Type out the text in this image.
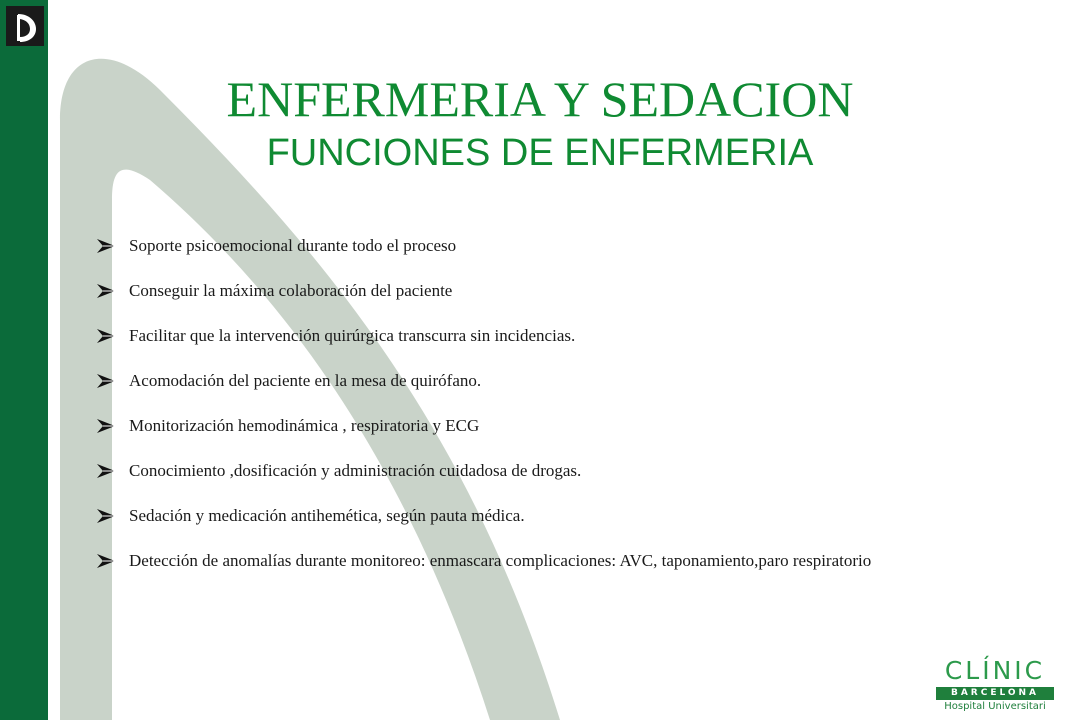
ENFERMERIA Y SEDACION
FUNCIONES DE ENFERMERIA
Soporte psicoemocional durante todo el proceso
Conseguir la máxima colaboración del paciente
Facilitar que la intervención quirúrgica transcurra sin incidencias.
Acomodación del paciente en la mesa de quirófano.
Monitorización hemodinámica , respiratoria y ECG
Conocimiento ,dosificación y administración cuidadosa de drogas.
Sedación y medicación antihemética, según pauta médica.
Detección de anomalías durante monitoreo: enmascara complicaciones: AVC, taponamiento,paro respiratorio
CLÍNIC
BARCELONA
Hospital Universitari
